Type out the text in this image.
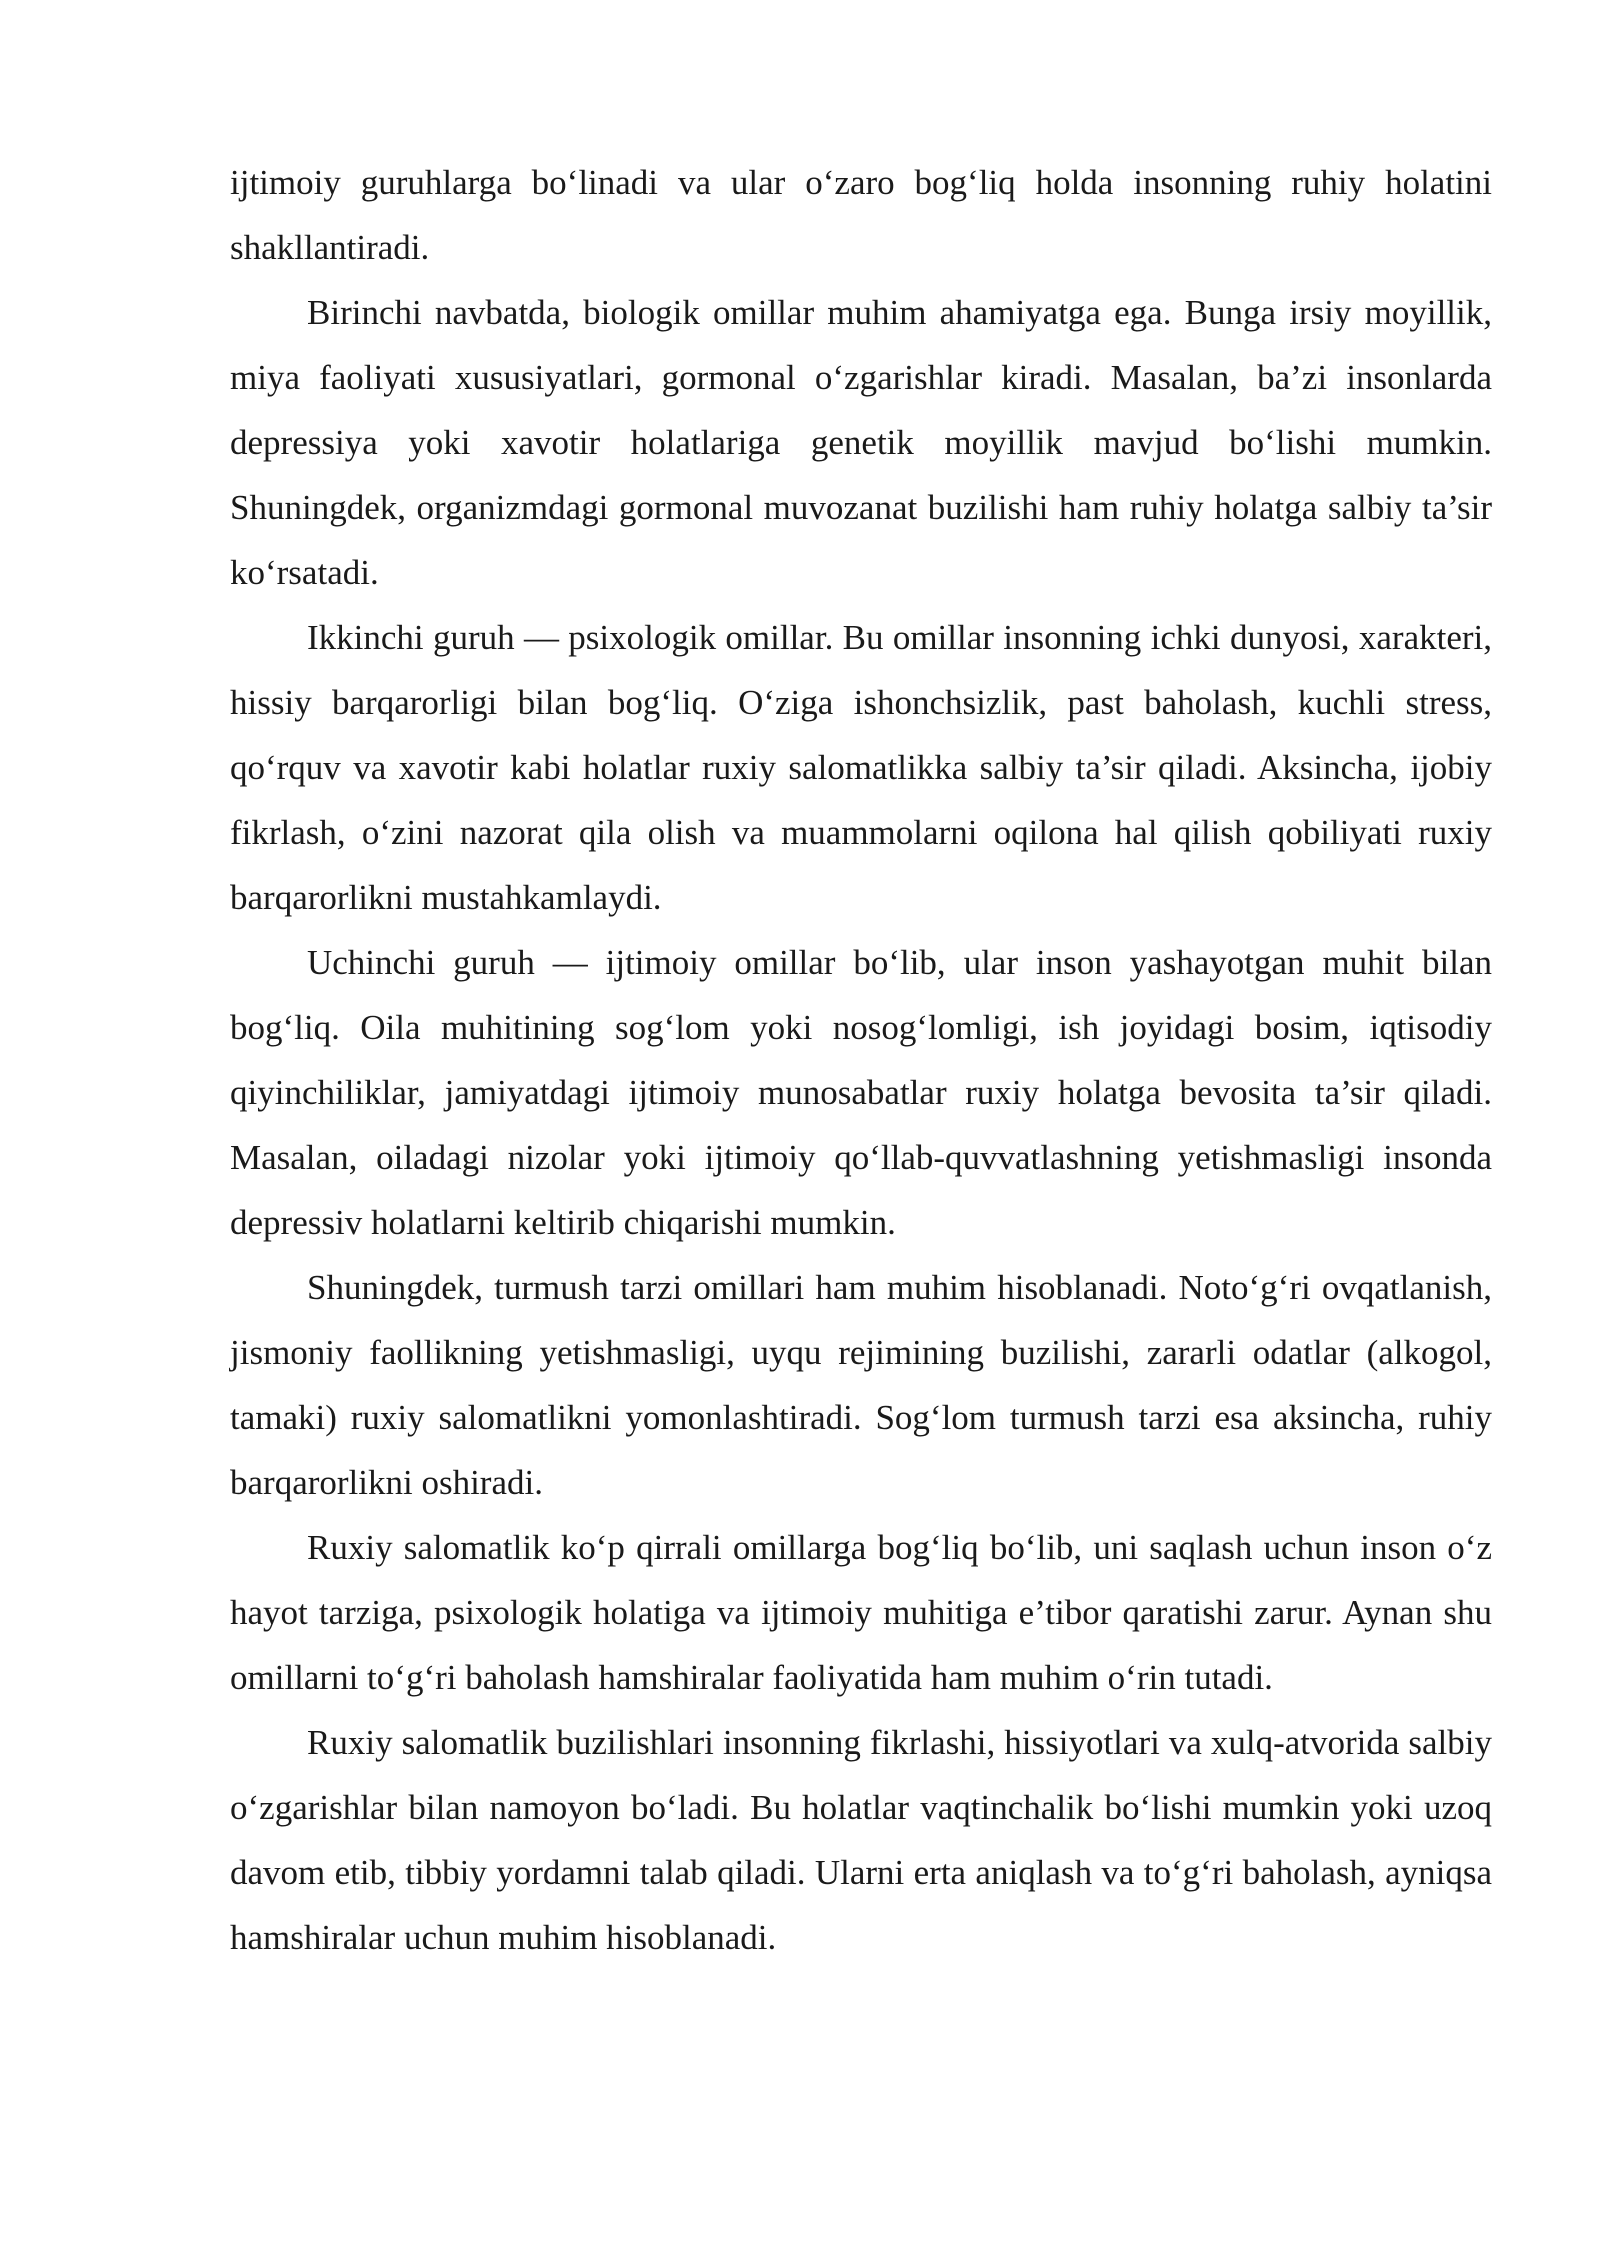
ijtimoiy guruhlarga bo‘linadi va ular o‘zaro bog‘liq holda insonning ruhiy holatini shakllantiradi.

Birinchi navbatda, biologik omillar muhim ahamiyatga ega. Bunga irsiy moyillik, miya faoliyati xususiyatlari, gormonal o‘zgarishlar kiradi. Masalan, ba’zi insonlarda depressiya yoki xavotir holatlariga genetik moyillik mavjud bo‘lishi mumkin. Shuningdek, organizmdagi gormonal muvozanat buzilishi ham ruhiy holatga salbiy ta’sir ko‘rsatadi.

Ikkinchi guruh — psixologik omillar. Bu omillar insonning ichki dunyosi, xarakteri, hissiy barqarorligi bilan bog‘liq. O‘ziga ishonchsizlik, past baholash, kuchli stress, qo‘rquv va xavotir kabi holatlar ruxiy salomatlikka salbiy ta’sir qiladi. Aksincha, ijobiy fikrlash, o‘zini nazorat qila olish va muammolarni oqilona hal qilish qobiliyati ruxiy barqarorlikni mustahkamlaydi.

Uchinchi guruh — ijtimoiy omillar bo‘lib, ular inson yashayotgan muhit bilan bog‘liq. Oila muhitining sog‘lom yoki nosog‘lomligi, ish joyidagi bosim, iqtisodiy qiyinchiliklar, jamiyatdagi ijtimoiy munosabatlar ruxiy holatga bevosita ta’sir qiladi. Masalan, oiladagi nizolar yoki ijtimoiy qo‘llab-quvvatlashning yetishmasligi insonda depressiv holatlarni keltirib chiqarishi mumkin.

Shuningdek, turmush tarzi omillari ham muhim hisoblanadi. Noto‘g‘ri ovqatlanish, jismoniy faollikning yetishmasligi, uyqu rejimining buzilishi, zararli odatlar (alkogol, tamaki) ruxiy salomatlikni yomonlashtiradi. Sog‘lom turmush tarzi esa aksincha, ruhiy barqarorlikni oshiradi.

Ruxiy salomatlik ko‘p qirrali omillarga bog‘liq bo‘lib, uni saqlash uchun inson o‘z hayot tarziga, psixologik holatiga va ijtimoiy muhitiga e’tibor qaratishi zarur. Aynan shu omillarni to‘g‘ri baholash hamshiralar faoliyatida ham muhim o‘rin tutadi.

Ruxiy salomatlik buzilishlari insonning fikrlashi, hissiyotlari va xulq-atvorida salbiy o‘zgarishlar bilan namoyon bo‘ladi. Bu holatlar vaqtinchalik bo‘lishi mumkin yoki uzoq davom etib, tibbiy yordamni talab qiladi. Ularni erta aniqlash va to‘g‘ri baholash, ayniqsa hamshiralar uchun muhim hisoblanadi.
